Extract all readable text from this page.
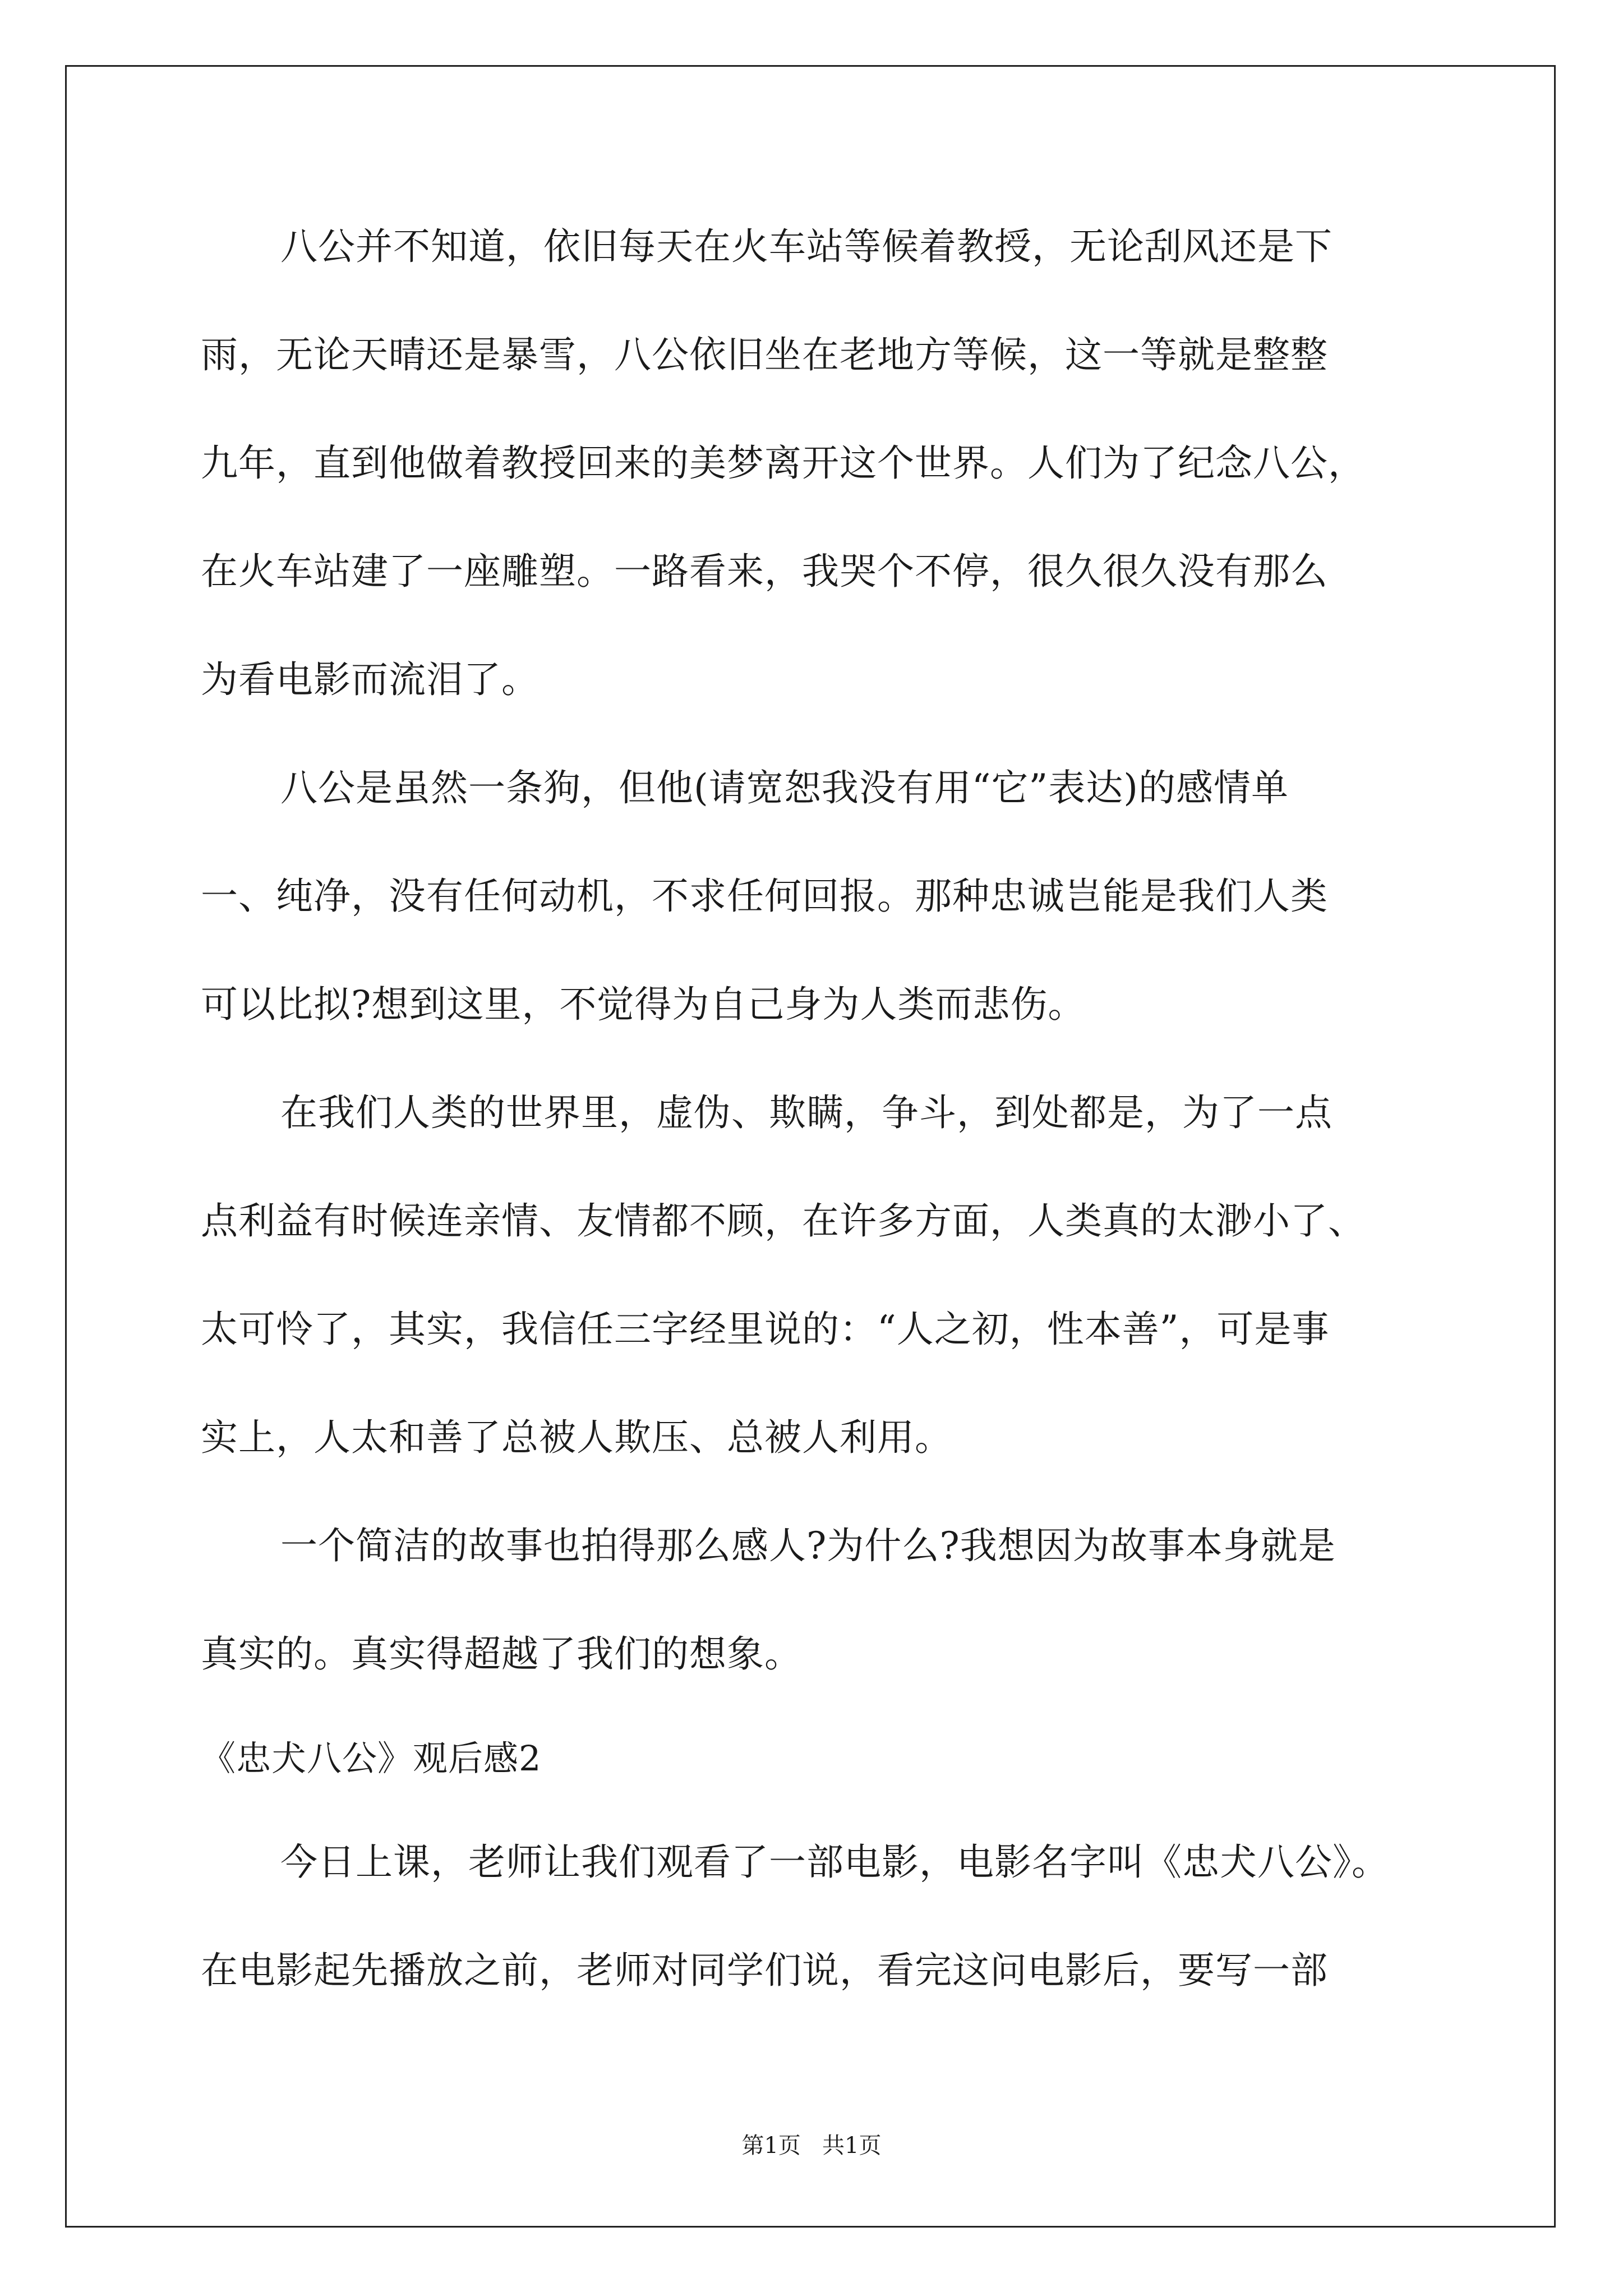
八公并不知道，依旧每天在火车站等候着教授，无论刮风还是下
雨，无论天晴还是暴雪，八公依旧坐在老地方等候，这一等就是整整
九年，直到他做着教授回来的美梦离开这个世界。人们为了纪念八公，
在火车站建了一座雕塑。一路看来，我哭个不停，很久很久没有那么
为看电影而流泪了。
八公是虽然一条狗，但他(请宽恕我没有用“它”表达)的感情单
一、纯净，没有任何动机，不求任何回报。那种忠诚岂能是我们人类
可以比拟?想到这里，不觉得为自己身为人类而悲伤。
在我们人类的世界里，虚伪、欺瞒，争斗，到处都是，为了一点
点利益有时候连亲情、友情都不顾，在许多方面，人类真的太渺小了、
太可怜了，其实，我信任三字经里说的：“人之初，性本善”，可是事
实上，人太和善了总被人欺压、总被人利用。
一个简洁的故事也拍得那么感人?为什么?我想因为故事本身就是
真实的。真实得超越了我们的想象。
《忠犬八公》观后感2
今日上课，老师让我们观看了一部电影，电影名字叫《忠犬八公》。
在电影起先播放之前，老师对同学们说，看完这问电影后，要写一部
第1页   共1页
